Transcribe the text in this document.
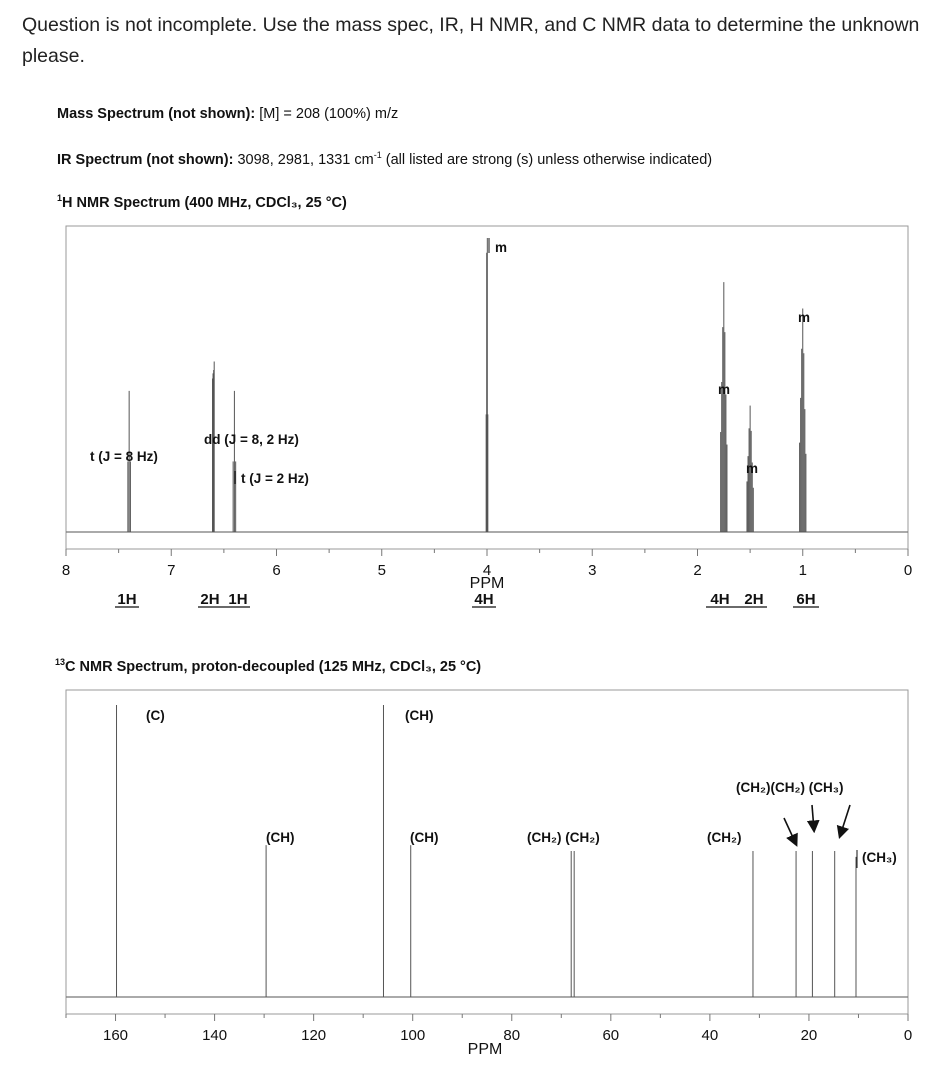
Question is not incomplete. Use the mass spec, IR, H NMR, and C NMR data to determine the unknown please.
Mass Spectrum (not shown): [M] = 208 (100%) m/z
IR Spectrum (not shown): 3098, 2981, 1331 $cm^{-1}$ (all listed are strong (s) unless otherwise indicated)
$^1$H NMR Spectrum (400 MHz, CDCl₃, 25 °C)
$^{13}$C NMR Spectrum, proton-decoupled (125 MHz, CDCl₃, 25 °C)
8	7	6	5	4	3	2	1	0
t (J = 8 Hz)
dd (J = 8, 2 Hz)
t (J = 2 Hz)
m
m
m
m
PPM
1H	2H 1H	4H	4H 2H 6H
160	140	120	100	80	60	40	20	0
(C)	(CH)
(CH)	(CH)	(CH₂) (CH₂)	(CH₂)
(CH₂)(CH₂) (CH₃)
(CH₃)
PPM
